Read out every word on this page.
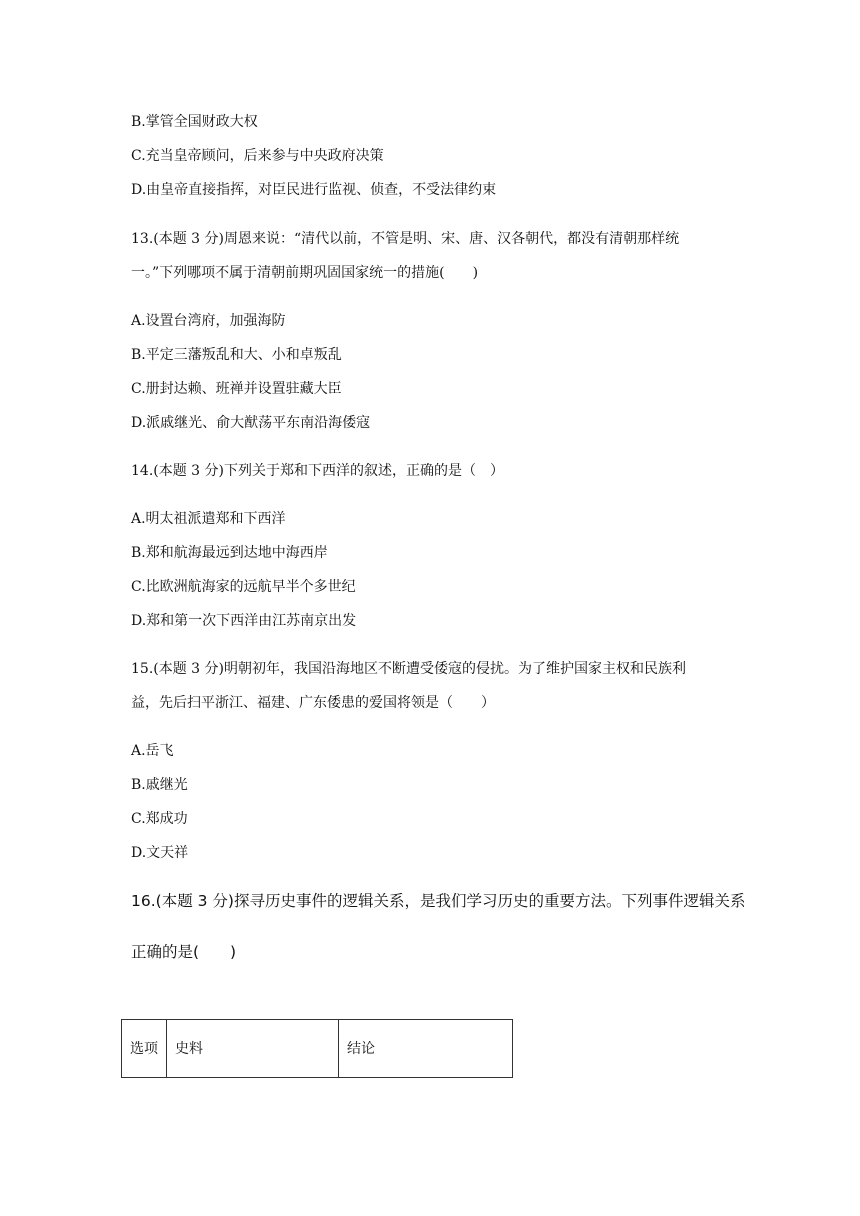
B.掌管全国财政大权
C.充当皇帝顾问，后来参与中央政府决策
D.由皇帝直接指挥，对臣民进行监视、侦查，不受法律约束
13.(本题 3 分)周恩来说：“清代以前，不管是明、宋、唐、汉各朝代，都没有清朝那样统
一。”下列哪项不属于清朝前期巩固国家统一的措施(　　)
A.设置台湾府，加强海防
B.平定三藩叛乱和大、小和卓叛乱
C.册封达赖、班禅并设置驻藏大臣
D.派戚继光、俞大猷荡平东南沿海倭寇
14.(本题 3 分)下列关于郑和下西洋的叙述，正确的是（　）
A.明太祖派遣郑和下西洋
B.郑和航海最远到达地中海西岸
C.比欧洲航海家的远航早半个多世纪
D.郑和第一次下西洋由江苏南京出发
15.(本题 3 分)明朝初年，我国沿海地区不断遭受倭寇的侵扰。为了维护国家主权和民族利
益，先后扫平浙江、福建、广东倭患的爱国将领是（　　）
A.岳飞
B.戚继光
C.郑成功
D.文天祥
16.(本题 3 分)探寻历史事件的逻辑关系，是我们学习历史的重要方法。下列事件逻辑关系
正确的是(　　)
选项	史料	结论
